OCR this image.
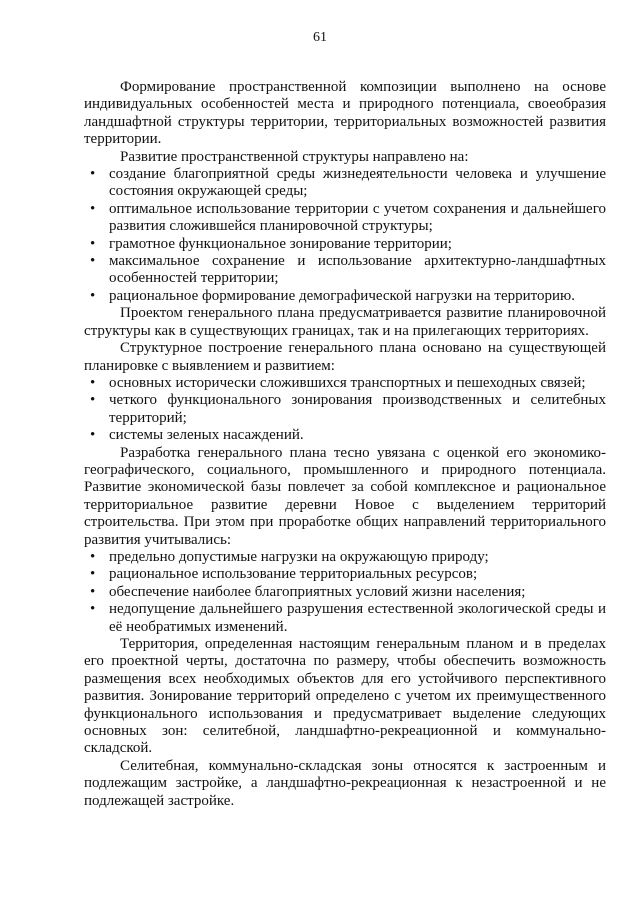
61

Формирование пространственной композиции выполнено на основе индивидуальных особенностей места и природного потенциала, своеобразия ландшафтной структуры территории, территориальных возможностей развития территории.

Развитие пространственной структуры направлено на:

• создание благоприятной среды жизнедеятельности человека и улучшение состояния окружающей среды;
• оптимальное использование территории с учетом сохранения и дальнейшего развития сложившейся планировочной структуры;
• грамотное функциональное зонирование территории;
• максимальное сохранение и использование архитектурно-ландшафтных особенностей территории;
• рациональное формирование демографической нагрузки на территорию.

Проектом генерального плана предусматривается развитие планировочной структуры как в существующих границах, так и на прилегающих территориях.

Структурное построение генерального плана основано на существующей планировке с выявлением и развитием:

• основных исторически сложившихся транспортных и пешеходных связей;
• четкого функционального зонирования производственных и селитебных территорий;
• системы зеленых насаждений.

Разработка генерального плана тесно увязана с оценкой его экономико-географического, социального, промышленного и природного потенциала. Развитие экономической базы повлечет за собой комплексное и рациональное территориальное развитие деревни Новое с выделением территорий строительства. При этом при проработке общих направлений территориального развития учитывались:

• предельно допустимые нагрузки на окружающую природу;
• рациональное использование территориальных ресурсов;
• обеспечение наиболее благоприятных условий жизни населения;
• недопущение дальнейшего разрушения естественной экологической среды и её необратимых изменений.

Территория, определенная настоящим генеральным планом и в пределах его проектной черты, достаточна по размеру, чтобы обеспечить возможность размещения всех необходимых объектов для его устойчивого перспективного развития. Зонирование территорий определено с учетом их преимущественного функционального использования и предусматривает выделение следующих основных зон: селитебной, ландшафтно-рекреационной и коммунально-складской.

Селитебная, коммунально-складская зоны относятся к застроенным и подлежащим застройке, а ландшафтно-рекреационная к незастроенной и не подлежащей застройке.
